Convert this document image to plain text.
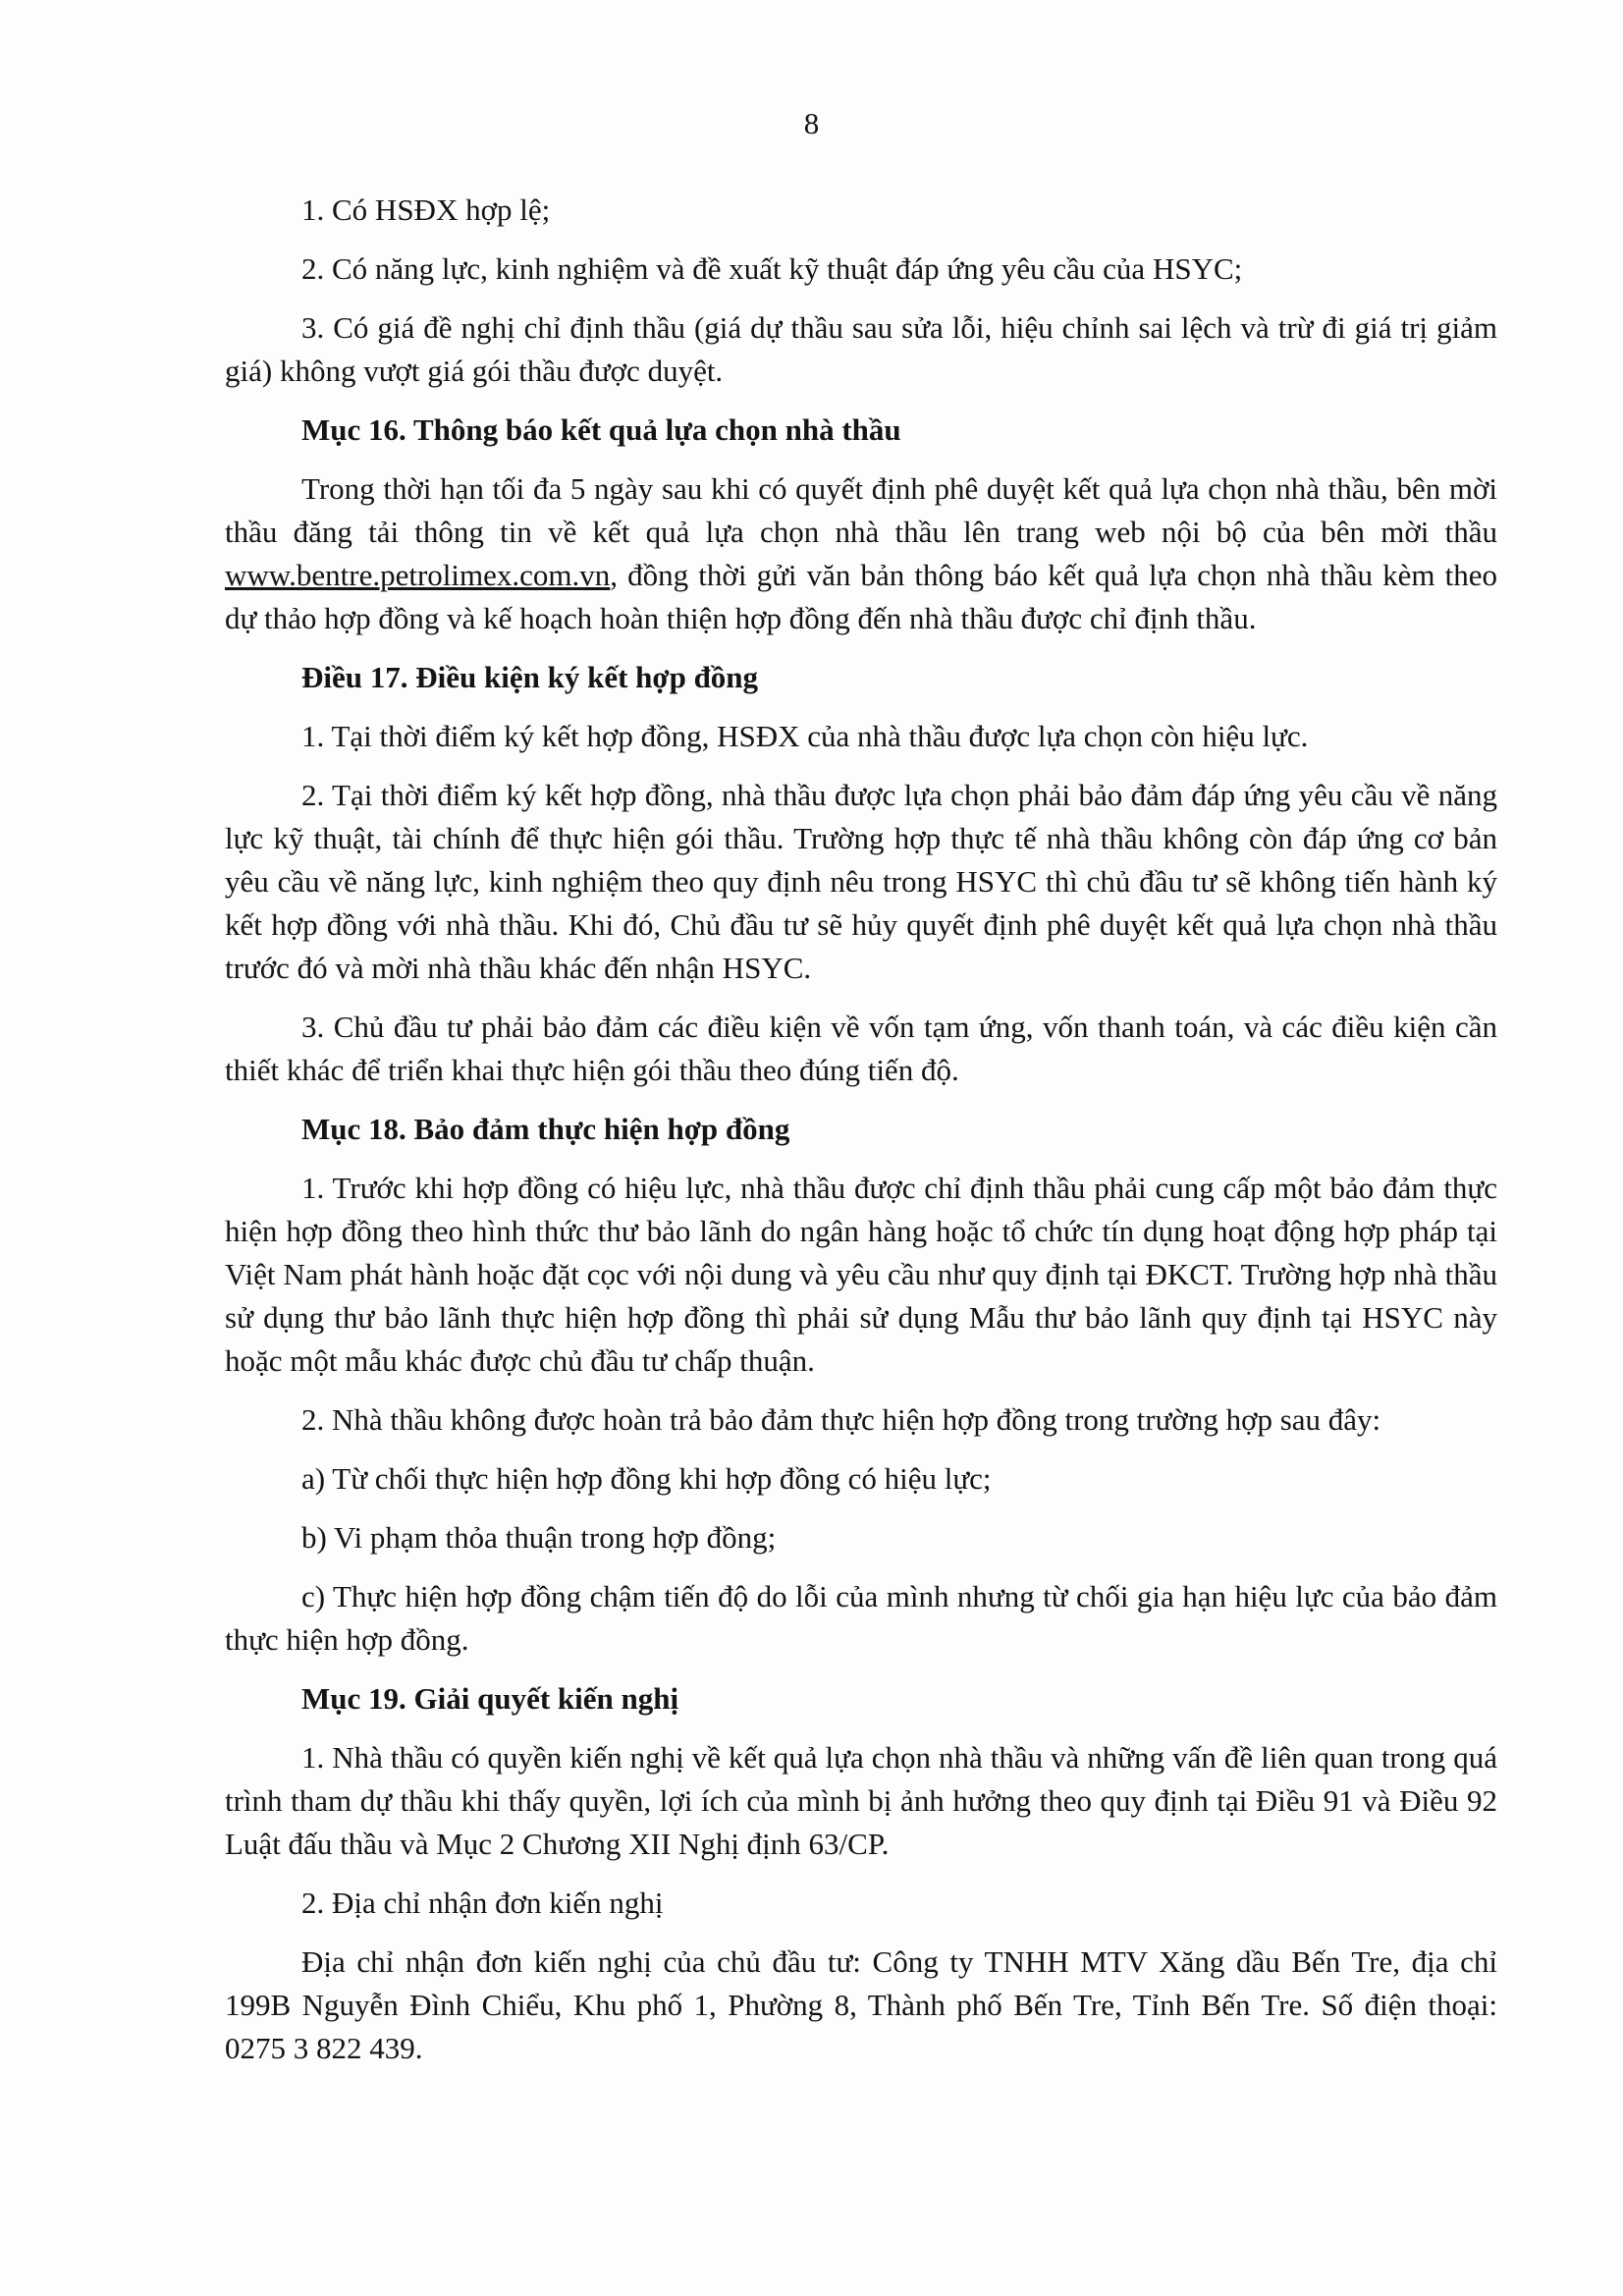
8

1. Có HSĐX hợp lệ;

2. Có năng lực, kinh nghiệm và đề xuất kỹ thuật đáp ứng yêu cầu của HSYC;

3. Có giá đề nghị chỉ định thầu (giá dự thầu sau sửa lỗi, hiệu chỉnh sai lệch và trừ đi giá trị giảm giá) không vượt giá gói thầu được duyệt.

Mục 16. Thông báo kết quả lựa chọn nhà thầu

Trong thời hạn tối đa 5 ngày sau khi có quyết định phê duyệt kết quả lựa chọn nhà thầu, bên mời thầu đăng tải thông tin về kết quả lựa chọn nhà thầu lên trang web nội bộ của bên mời thầu www.bentre.petrolimex.com.vn, đồng thời gửi văn bản thông báo kết quả lựa chọn nhà thầu kèm theo dự thảo hợp đồng và kế hoạch hoàn thiện hợp đồng đến nhà thầu được chỉ định thầu.

Điều 17. Điều kiện ký kết hợp đồng

1. Tại thời điểm ký kết hợp đồng, HSĐX của nhà thầu được lựa chọn còn hiệu lực.

2. Tại thời điểm ký kết hợp đồng, nhà thầu được lựa chọn phải bảo đảm đáp ứng yêu cầu về năng lực kỹ thuật, tài chính để thực hiện gói thầu. Trường hợp thực tế nhà thầu không còn đáp ứng cơ bản yêu cầu về năng lực, kinh nghiệm theo quy định nêu trong HSYC thì chủ đầu tư sẽ không tiến hành ký kết hợp đồng với nhà thầu. Khi đó, Chủ đầu tư sẽ hủy quyết định phê duyệt kết quả lựa chọn nhà thầu trước đó và mời nhà thầu khác đến nhận HSYC.

3. Chủ đầu tư phải bảo đảm các điều kiện về vốn tạm ứng, vốn thanh toán, và các điều kiện cần thiết khác để triển khai thực hiện gói thầu theo đúng tiến độ.

Mục 18. Bảo đảm thực hiện hợp đồng

1. Trước khi hợp đồng có hiệu lực, nhà thầu được chỉ định thầu phải cung cấp một bảo đảm thực hiện hợp đồng theo hình thức thư bảo lãnh do ngân hàng hoặc tổ chức tín dụng hoạt động hợp pháp tại Việt Nam phát hành hoặc đặt cọc với nội dung và yêu cầu như quy định tại ĐKCT. Trường hợp nhà thầu sử dụng thư bảo lãnh thực hiện hợp đồng thì phải sử dụng Mẫu thư bảo lãnh quy định tại HSYC này hoặc một mẫu khác được chủ đầu tư chấp thuận.

2. Nhà thầu không được hoàn trả bảo đảm thực hiện hợp đồng trong trường hợp sau đây:

a) Từ chối thực hiện hợp đồng khi hợp đồng có hiệu lực;

b) Vi phạm thỏa thuận trong hợp đồng;

c) Thực hiện hợp đồng chậm tiến độ do lỗi của mình nhưng từ chối gia hạn hiệu lực của bảo đảm thực hiện hợp đồng.

Mục 19. Giải quyết kiến nghị

1. Nhà thầu có quyền kiến nghị về kết quả lựa chọn nhà thầu và những vấn đề liên quan trong quá trình tham dự thầu khi thấy quyền, lợi ích của mình bị ảnh hưởng theo quy định tại Điều 91 và Điều 92 Luật đấu thầu và Mục 2 Chương XII Nghị định 63/CP.

2. Địa chỉ nhận đơn kiến nghị

Địa chỉ nhận đơn kiến nghị của chủ đầu tư: Công ty TNHH MTV Xăng dầu Bến Tre, địa chỉ 199B Nguyễn Đình Chiểu, Khu phố 1, Phường 8, Thành phố Bến Tre, Tỉnh Bến Tre. Số điện thoại: 0275 3 822 439.
